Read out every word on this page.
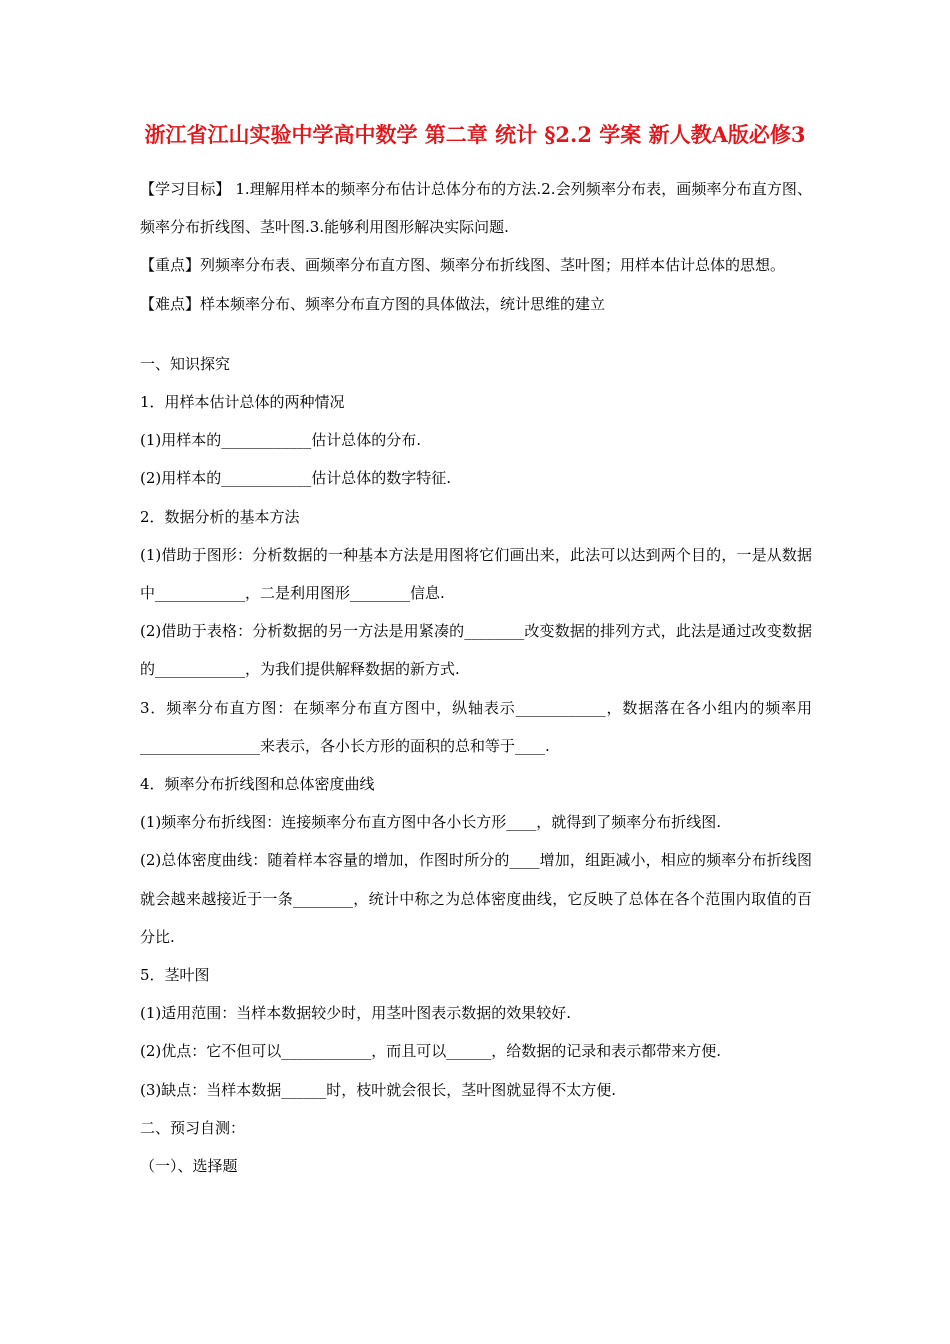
浙江省江山实验中学高中数学 第二章 统计 §2.2 学案 新人教A版必修3

【学习目标】 1.理解用样本的频率分布估计总体分布的方法.2.会列频率分布表，画频率分布直方图、频率分布折线图、茎叶图.3.能够利用图形解决实际问题.

【重点】列频率分布表、画频率分布直方图、频率分布折线图、茎叶图；用样本估计总体的思想。

【难点】样本频率分布、频率分布直方图的具体做法，统计思维的建立

一、知识探究

1．用样本估计总体的两种情况

(1)用样本的____________估计总体的分布.

(2)用样本的____________估计总体的数字特征.

2．数据分析的基本方法

(1)借助于图形：分析数据的一种基本方法是用图将它们画出来，此法可以达到两个目的，一是从数据中____________，二是利用图形________信息.

(2)借助于表格：分析数据的另一方法是用紧凑的________改变数据的排列方式，此法是通过改变数据的____________，为我们提供解释数据的新方式.

3．频率分布直方图：在频率分布直方图中，纵轴表示____________，数据落在各小组内的频率用________________来表示，各小长方形的面积的总和等于____.

4．频率分布折线图和总体密度曲线

(1)频率分布折线图：连接频率分布直方图中各小长方形____，就得到了频率分布折线图.

(2)总体密度曲线：随着样本容量的增加，作图时所分的____增加，组距减小，相应的频率分布折线图就会越来越接近于一条________，统计中称之为总体密度曲线，它反映了总体在各个范围内取值的百分比.

5．茎叶图

(1)适用范围：当样本数据较少时，用茎叶图表示数据的效果较好.

(2)优点：它不但可以____________，而且可以______，给数据的记录和表示都带来方便.

(3)缺点：当样本数据______时，枝叶就会很长，茎叶图就显得不太方便.

二、预习自测：

（一）、选择题
